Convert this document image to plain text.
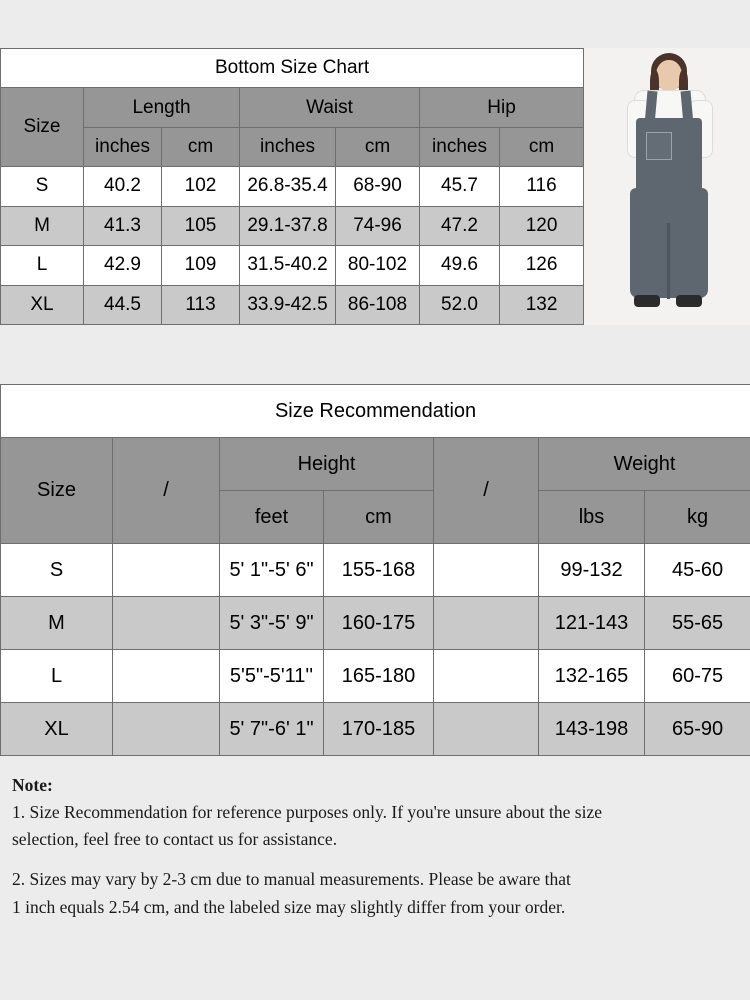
Bottom Size Chart						
Size	Length		Waist		Hip	
	inches	cm	inches	cm	inches	cm
S	40.2	102	26.8-35.4	68-90	45.7	116
M	41.3	105	29.1-37.8	74-96	47.2	120
L	42.9	109	31.5-40.2	80-102	49.6	126
XL	44.5	113	33.9-42.5	86-108	52.0	132
Size Recommendation						
Size	/	Height		/	Weight	
		feet	cm		lbs	kg
S		5' 1"-5' 6"	155-168		99-132	45-60
M		5' 3"-5' 9"	160-175		121-143	55-65
L		5'5"-5'11''	165-180		132-165	60-75
XL		5' 7"-6' 1"	170-185		143-198	65-90

Note:

1. Size Recommendation for reference purposes only. If you're unsure about the size

selection, feel free to contact us for assistance.

2. Sizes may vary by 2-3 cm due to manual measurements. Please be aware that

1 inch equals 2.54 cm, and the labeled size may slightly differ from your order.
